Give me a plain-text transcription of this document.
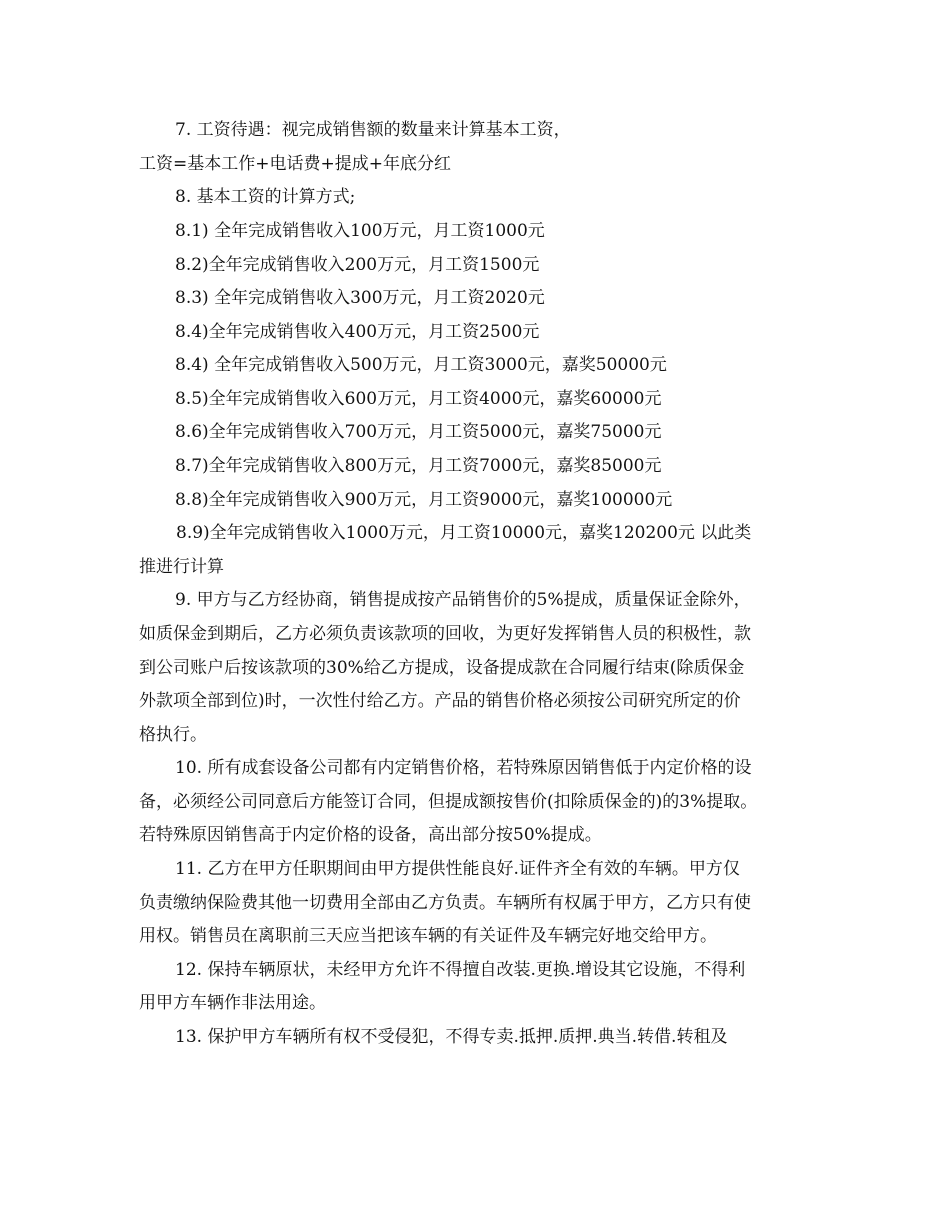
7. 工资待遇：视完成销售额的数量来计算基本工资，
工资=基本工作+电话费+提成+年底分红
8. 基本工资的计算方式;
8.1) 全年完成销售收入100万元，月工资1000元
8.2)全年完成销售收入200万元，月工资1500元
8.3) 全年完成销售收入300万元，月工资2020元
8.4)全年完成销售收入400万元，月工资2500元
8.4) 全年完成销售收入500万元，月工资3000元，嘉奖50000元
8.5)全年完成销售收入600万元，月工资4000元，嘉奖60000元
8.6)全年完成销售收入700万元，月工资5000元，嘉奖75000元
8.7)全年完成销售收入800万元，月工资7000元，嘉奖85000元
8.8)全年完成销售收入900万元，月工资9000元，嘉奖100000元
8.9)全年完成销售收入1000万元，月工资10000元，嘉奖120200元 以此类
推进行计算
9. 甲方与乙方经协商，销售提成按产品销售价的5%提成，质量保证金除外，
如质保金到期后，乙方必须负责该款项的回收，为更好发挥销售人员的积极性，款
到公司账户后按该款项的30%给乙方提成，设备提成款在合同履行结束(除质保金
外款项全部到位)时，一次性付给乙方。产品的销售价格必须按公司研究所定的价
格执行。
10. 所有成套设备公司都有内定销售价格，若特殊原因销售低于内定价格的设
备，必须经公司同意后方能签订合同，但提成额按售价(扣除质保金的)的3%提取。
若特殊原因销售高于内定价格的设备，高出部分按50%提成。
11. 乙方在甲方任职期间由甲方提供性能良好.证件齐全有效的车辆。甲方仅
负责缴纳保险费其他一切费用全部由乙方负责。车辆所有权属于甲方，乙方只有使
用权。销售员在离职前三天应当把该车辆的有关证件及车辆完好地交给甲方。
12. 保持车辆原状，未经甲方允许不得擅自改装.更换.增设其它设施，不得利
用甲方车辆作非法用途。
13. 保护甲方车辆所有权不受侵犯，不得专卖.抵押.质押.典当.转借.转租及
